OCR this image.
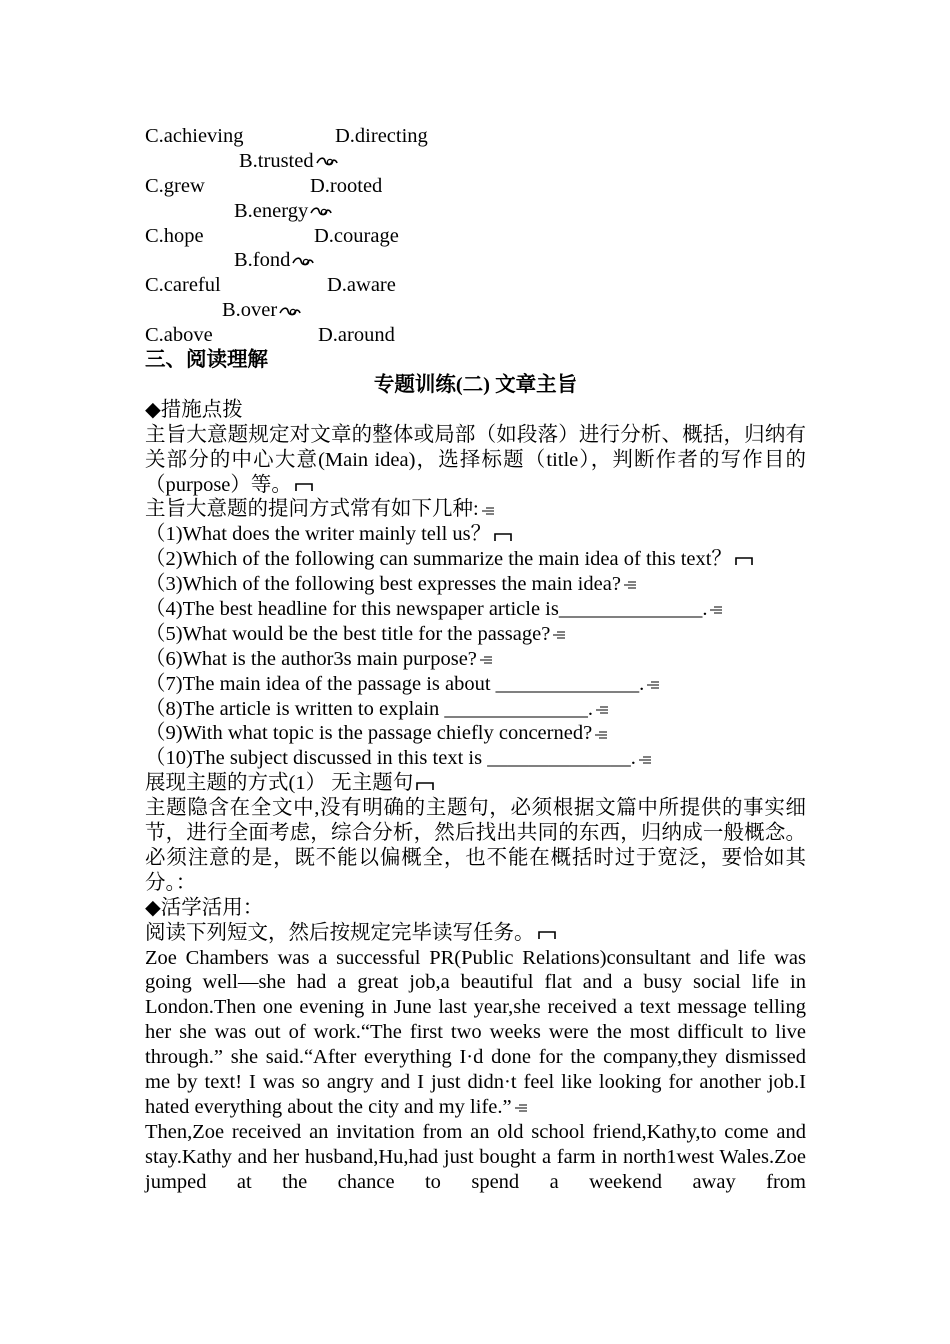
C.achieving	D.directing
B.trusted
C.grew	D.rooted
B.energy
C.hope	D.courage
B.fond
C.careful	D.aware
B.over
C.above	D.around
三、阅读理解
专题训练(二) 文章主旨
◆措施点拨
主旨大意题规定对文章的整体或局部（如段落）进行分析、概括，归纳有关部分的中心大意(Main idea)，选择标题（title），判断作者的写作目的（purpose）等。
主旨大意题的提问方式常有如下几种:
（1)What does the writer mainly tell us？
（2)Which of the following can summarize the main idea of this text？
（3)Which of the following best expresses the main idea?
（4)The best headline for this newspaper article is______________.
（5)What would be the best title for the passage?
（6)What is the author3s main purpose?
（7)The main idea of the passage is about ______________.
（8)The article is written to explain ______________.
（9)With what topic is the passage chiefly concerned?
（10)The subject discussed in this text is ______________.
展现主题的方式(1） 无主题句
主题隐含在全文中,没有明确的主题句，必须根据文篇中所提供的事实细节，进行全面考虑，综合分析，然后找出共同的东西，归纳成一般概念。必须注意的是，既不能以偏概全，也不能在概括时过于宽泛，要恰如其分。：
◆活学活用：
阅读下列短文，然后按规定完毕读写任务。
Zoe Chambers was a successful PR(Public Relations)consultant and life was going well—she had a great job,a beautiful flat and a busy social life in London.Then one evening in June last year,she received a text message telling her she was out of work.“The first two weeks were the most difficult to live through.” she said.“After everything I·d done for the company,they dismissed me by text! I was so angry and I just didn·t feel like looking for another job.I hated everything about the city and my life.”
Then,Zoe received an invitation from an old school friend,Kathy,to come and stay.Kathy and her husband,Hu,had just bought a farm in north1west Wales.Zoe jumped at the chance to spend a weekend away from
